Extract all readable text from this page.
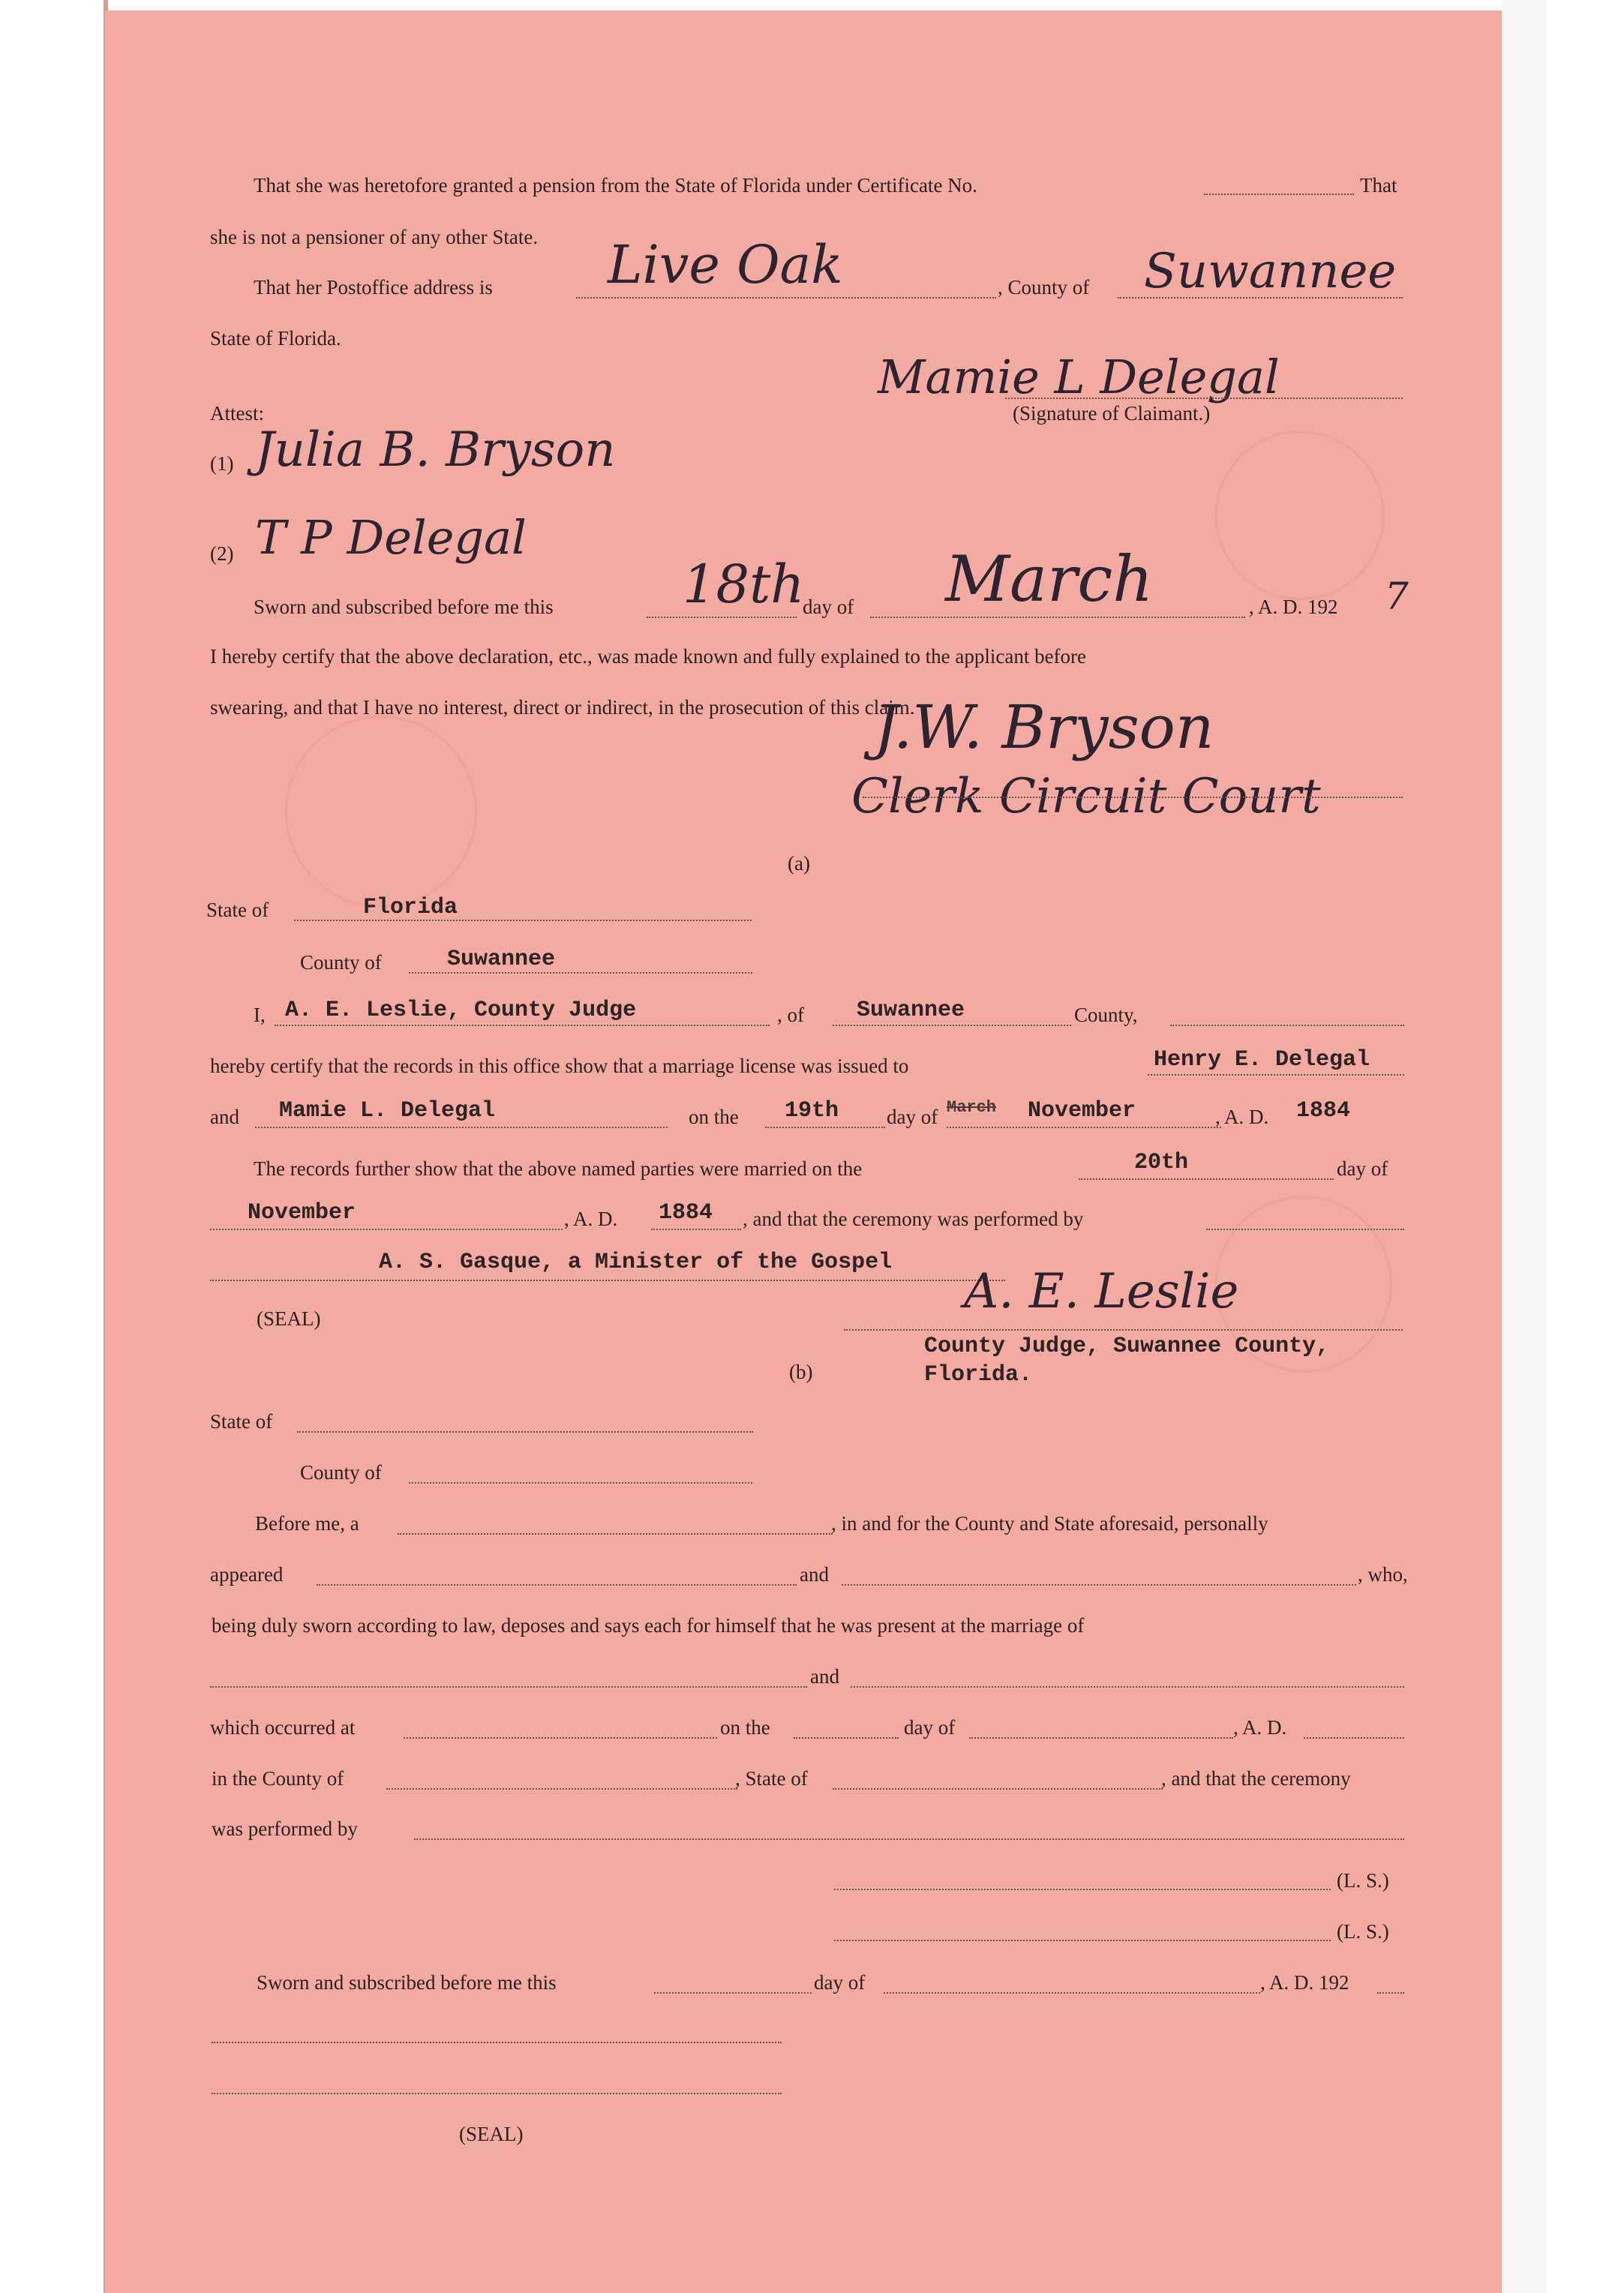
That she was heretofore granted a pension from the State of Florida under Certificate No.	That
she is not a pensioner of any other State.
That her Postoffice address is Live Oak	, County of Suwannee
State of Florida.
Mamie L Delegal
(Signature of Claimant.)
Attest:
(1) Julia B. Bryson
(2) T P Delegal
Sworn and subscribed before me this 18th
day of March	, A. D. 192 7
I hereby certify that the above declaration, etc., was made known and fully explained to the applicant before
swearing, and that I have no interest, direct or indirect, in the prosecution of this claim.
J.W. Bryson
Clerk Circuit Court
(a)
State of	Florida
County of	Suwannee
I, A. E. Leslie, County Judge	, of Suwannee	County,
hereby certify that the records in this office show that a marriage license was issued to	Henry E. Delegal
and Mamie L. Delegal	on the 19th day of March November	, A. D. 1884
The records further show that the above named parties were married on the	20th	day of
November	, A. D. 1884 , and that the ceremony was performed by
A. S. Gasque, a Minister of the Gospel
(SEAL)	A. E. Leslie
County Judge, Suwannee County,
Florida.
(b)
State of
County of
Before me, a	, in and for the County and State aforesaid, personally
appeared	and	, who,
being duly sworn according to law, deposes and says each for himself that he was present at the marriage of
and
which occurred at	on the	day of	, A. D.
in the County of	, State of	, and that the ceremony
was performed by
(L. S.)
(L. S.)
Sworn and subscribed before me this	day of	, A. D. 192
(SEAL)
